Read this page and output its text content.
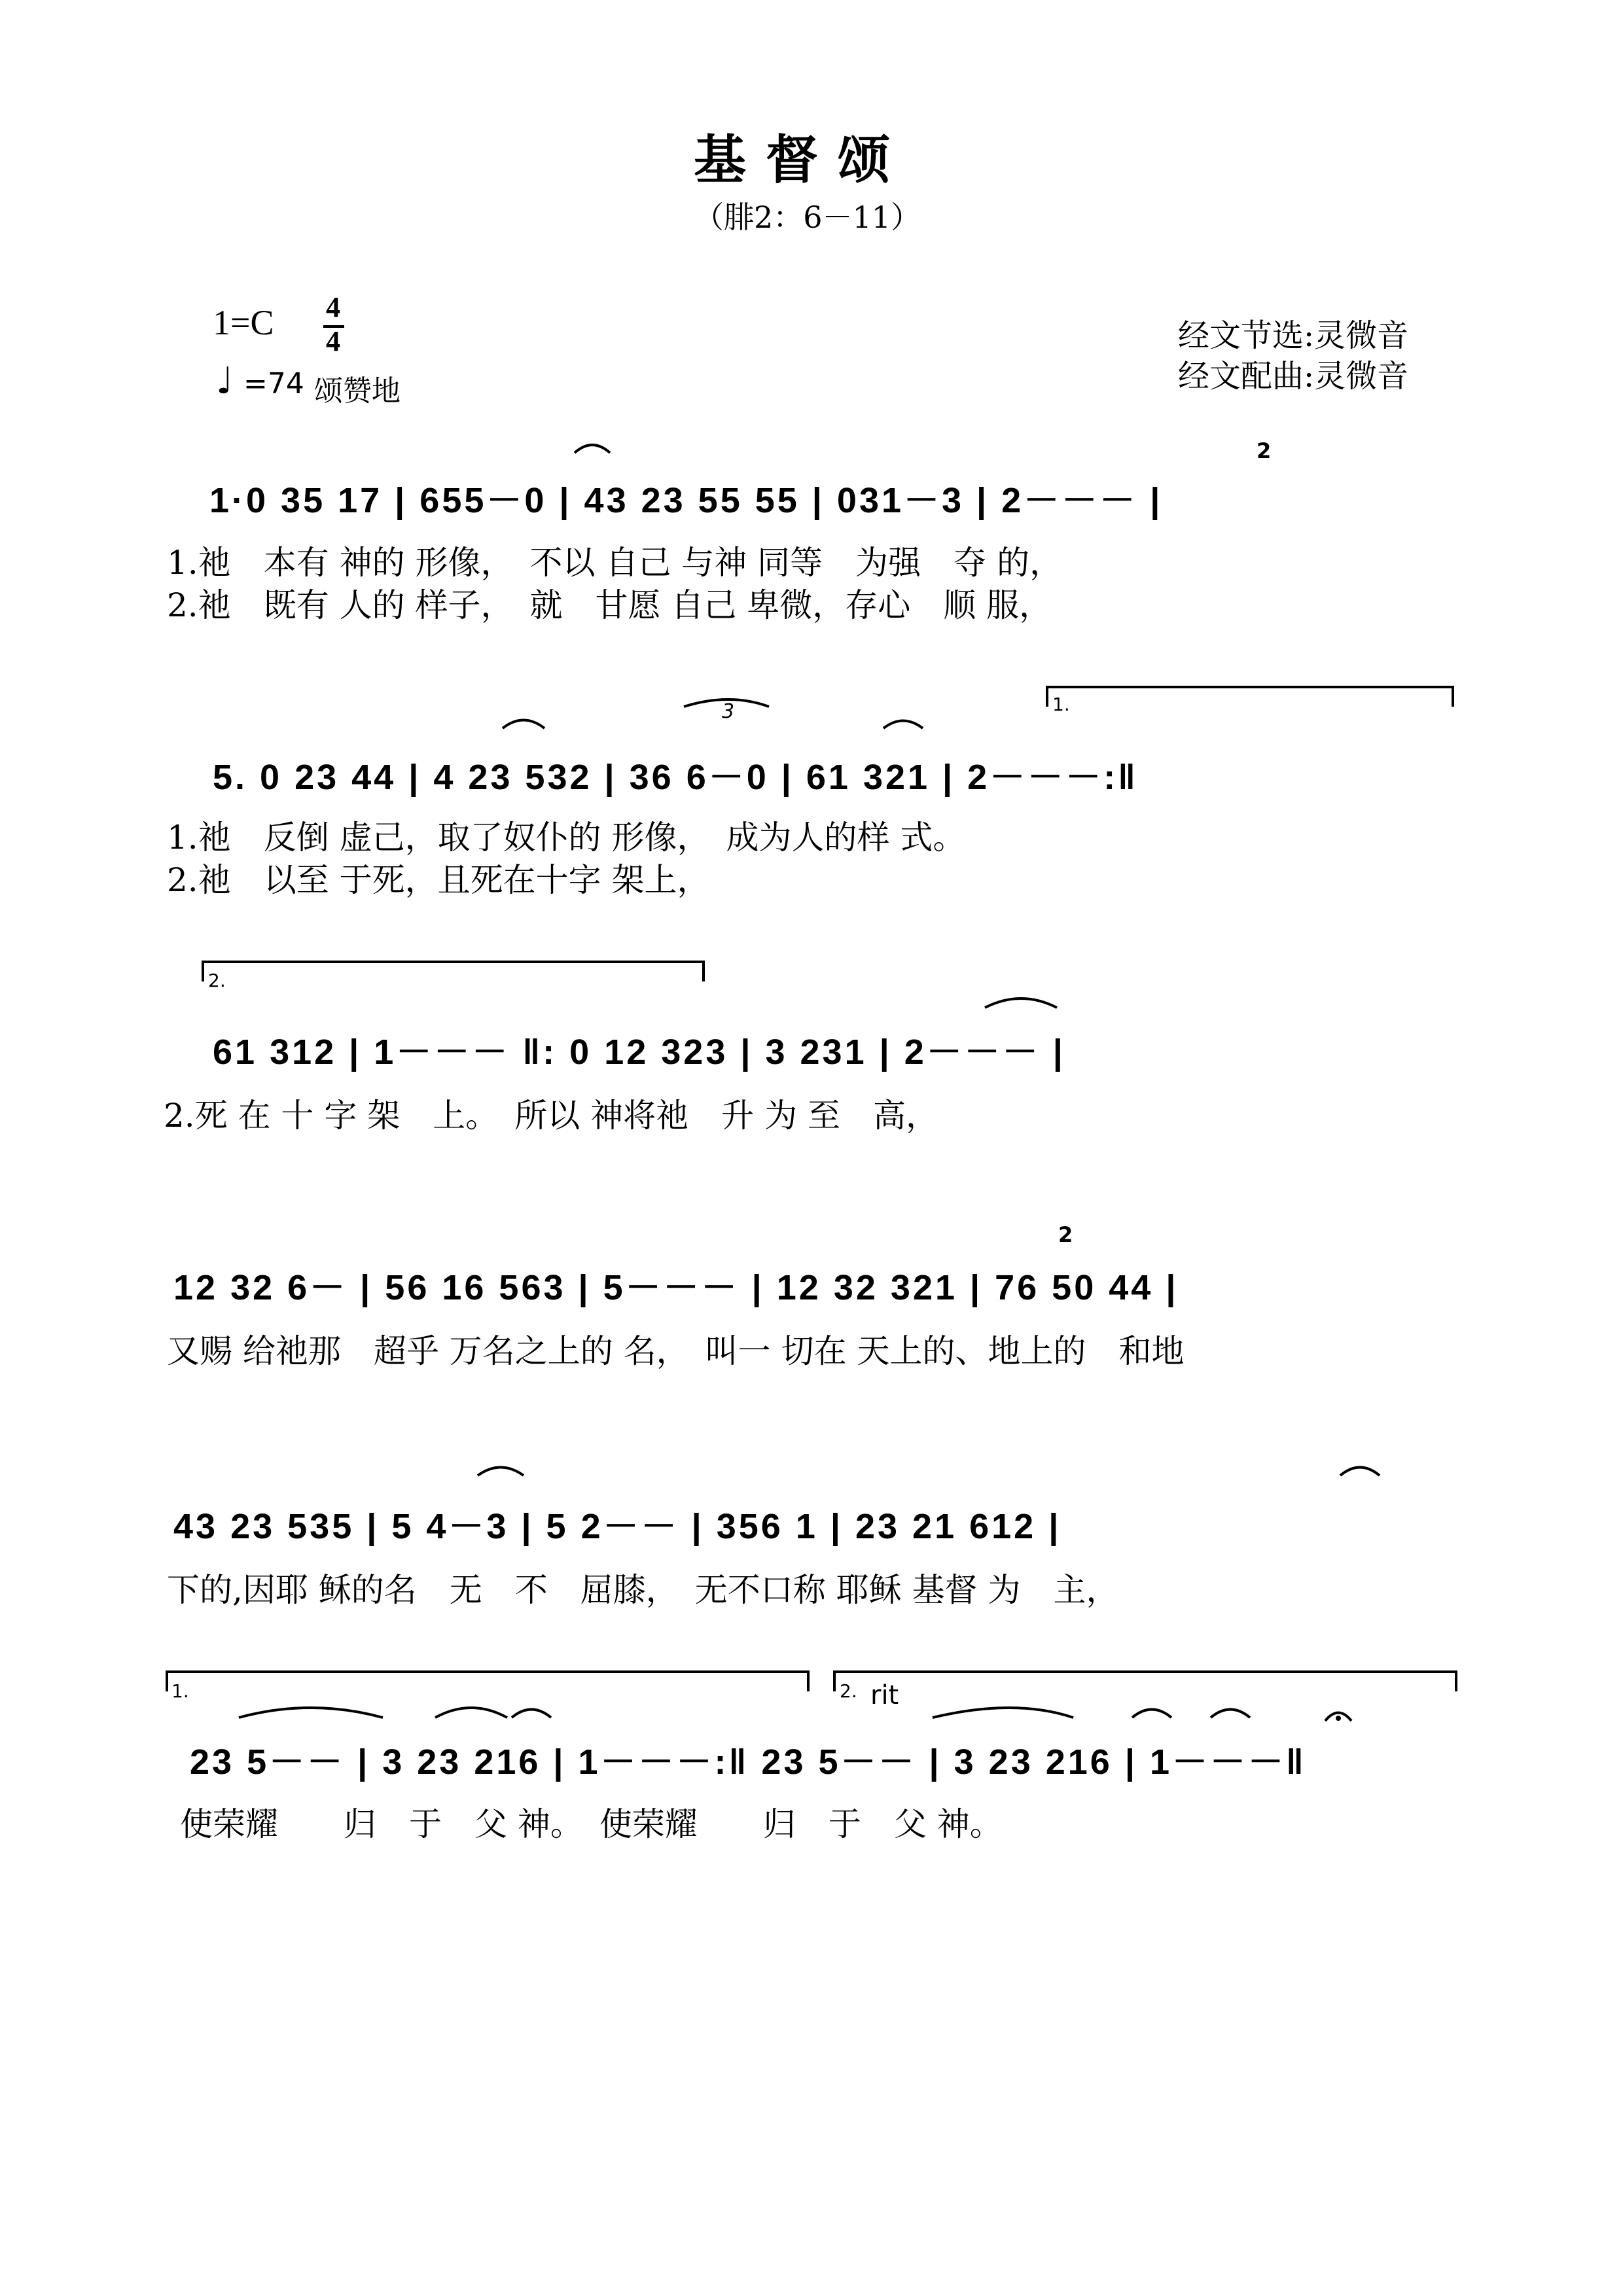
基督颂
（腓2：6－11）
1=C 4
4
♩ =74 颂赞地
经文节选:灵微音
经文配曲:灵微音
1·0 35 17 | 655－0 | 43 23 55 55 | 031－3 | 2－－－ |
1.祂　本有 神的 形像，　不以 自己 与神 同等　为强　夺 的，
2.祂　既有 人的 样子，　就　甘愿 自己 卑微，存心　顺 服，
5. 0 23 44 | 4 23 532 | 36 6－0 | 61 321 | 2－－－:‖
1.祂　反倒 虚己，取了奴仆的 形像，　成为人的样 式。
2.祂　以至 于死，且死在十字 架上，
61 312 | 1－－－ ‖: 0 12 323 | 3 231 | 2－－－ |
2.死 在 十 字 架　上。　所以 神将祂　升 为 至　高，
12 32 6－ | 56 16 563 | 5－－－ | 12 32 321 | 76 50 44 |
又赐 给祂那　超乎 万名之上的 名，　叫一 切在 天上的、地上的　和地
43 23 535 | 5 4－3 | 5 2－－ | 356 1 | 23 21 612 |
下的,因耶 稣的名　无　不　屈膝，　无不口称 耶稣 基督 为　主，
23 5－－ | 3 23 216 | 1－－－:‖ 23 5－－ | 3 23 216 | 1－－－‖
使荣耀　　归　于　父 神。　使荣耀　　归　于　父 神。
1.
2.
1.	2. rit
3
2
2
